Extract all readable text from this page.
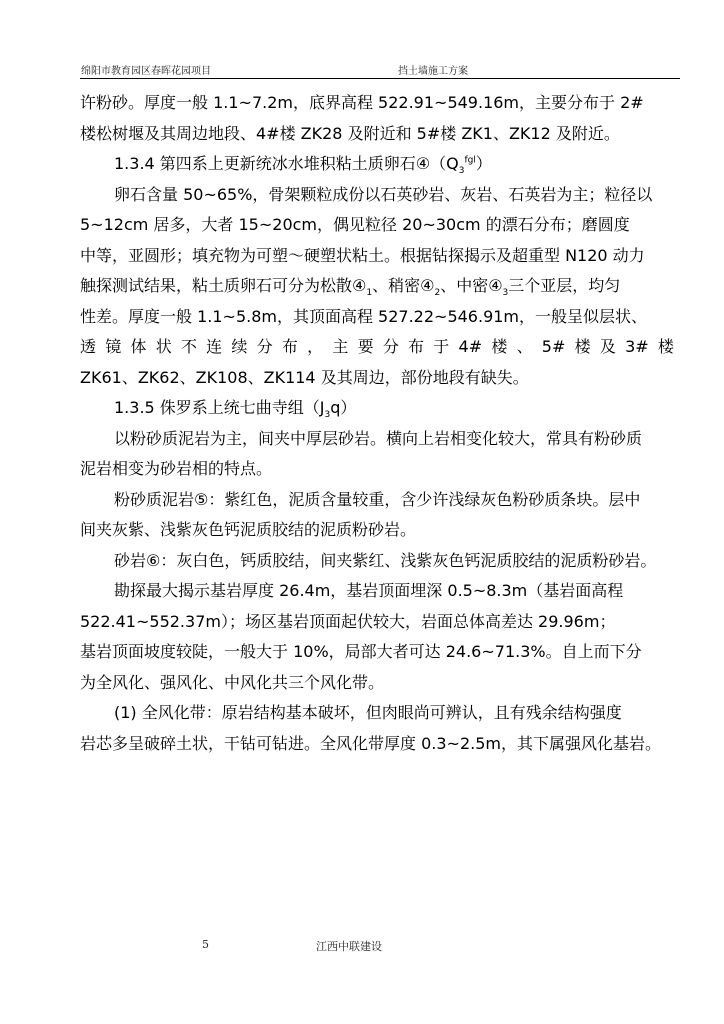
绵阳市教育园区春晖花园项目	挡土墙施工方案
许粉砂。厚度一般 1.1~7.2m，底界高程 522.91~549.16m，主要分布于 2#
楼松树堰及其周边地段、4#楼 ZK28 及附近和 5#楼 ZK1、ZK12 及附近。
1.3.4 第四系上更新统冰水堆积粘土质卵石$④(Q_3^{fgl})$
卵石含量 50~65%，骨架颗粒成份以石英砂岩、灰岩、石英岩为主；粒径以
5~12cm 居多，大者 15~20cm，偶见粒径 20~30cm 的漂石分布；磨圆度
中等，亚圆形；填充物为可塑～硬塑状粘土。根据钻探揭示及超重型 N120 动力
触探测试结果，粘土质卵石可分为松散$④_1$、稍密$④_2$、中密$④_3$三个亚层，均匀
性差。厚度一般 1.1~5.8m，其顶面高程 527.22~546.91m，一般呈似层状、
透 镜 体 状 不 连 续 分 布 ， 主 要 分 布 于 4# 楼 、 5# 楼 及 3# 楼
ZK61、ZK62、ZK108、ZK114 及其周边，部份地段有缺失。
1.3.5 侏罗系上统七曲寺组$(J_3q)$
以粉砂质泥岩为主，间夹中厚层砂岩。横向上岩相变化较大，常具有粉砂质
泥岩相变为砂岩相的特点。
粉砂质泥岩⑤：紫红色，泥质含量较重，含少许浅绿灰色粉砂质条块。层中
间夹灰紫、浅紫灰色钙泥质胶结的泥质粉砂岩。
砂岩⑥：灰白色，钙质胶结，间夹紫红、浅紫灰色钙泥质胶结的泥质粉砂岩。
勘探最大揭示基岩厚度 26.4m，基岩顶面埋深 0.5~8.3m（基岩面高程
522.41~552.37m）；场区基岩顶面起伏较大，岩面总体高差达 29.96m；
基岩顶面坡度较陡，一般大于 10%，局部大者可达 24.6~71.3%。自上而下分
为全风化、强风化、中风化共三个风化带。
(1) 全风化带：原岩结构基本破坏，但肉眼尚可辨认，且有残余结构强度
岩芯多呈破碎土状，干钻可钻进。全风化带厚度 0.3~2.5m，其下属强风化基岩。
5	江西中联建设
